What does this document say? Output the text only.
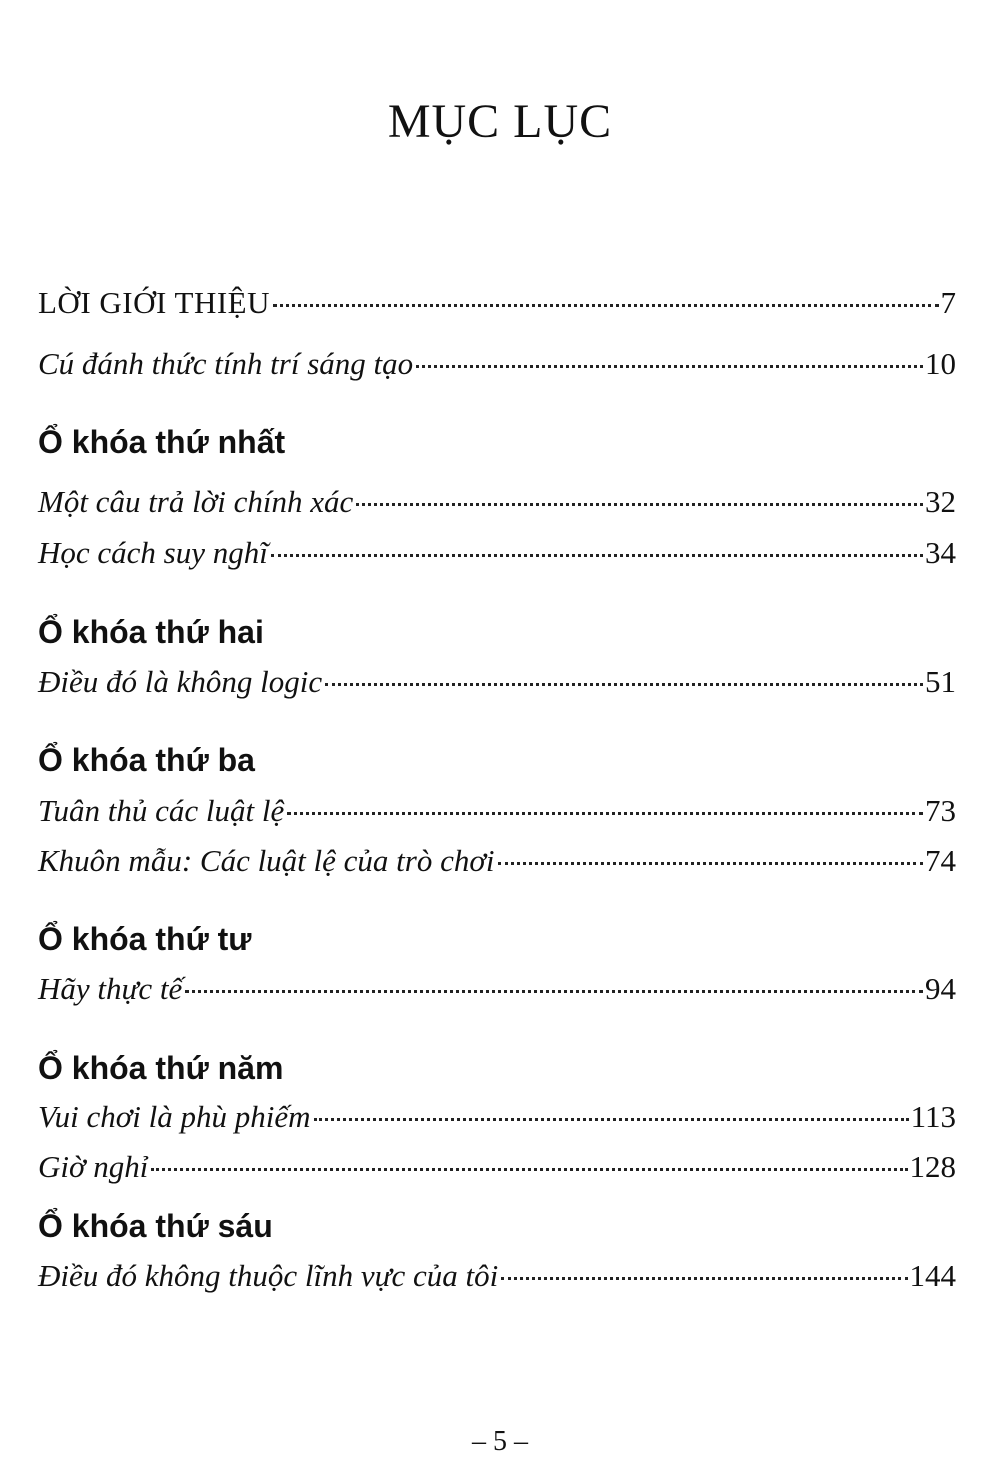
MỤC LỤC
LỜI GIỚI THIỆU	7
Cú đánh thức tính trí sáng tạo	10
Ổ khóa thứ nhất
Một câu trả lời chính xác	32
Học cách suy nghĩ	34
Ổ khóa thứ hai
Điều đó là không logic	51
Ổ khóa thứ ba
Tuân thủ các luật lệ	73
Khuôn mẫu: Các luật lệ của trò chơi	74
Ổ khóa thứ tư
Hãy thực tế	94
Ổ khóa thứ năm
Vui chơi là phù phiếm	113
Giờ nghỉ	128
Ổ khóa thứ sáu
Điều đó không thuộc lĩnh vực của tôi	144
– 5 –
